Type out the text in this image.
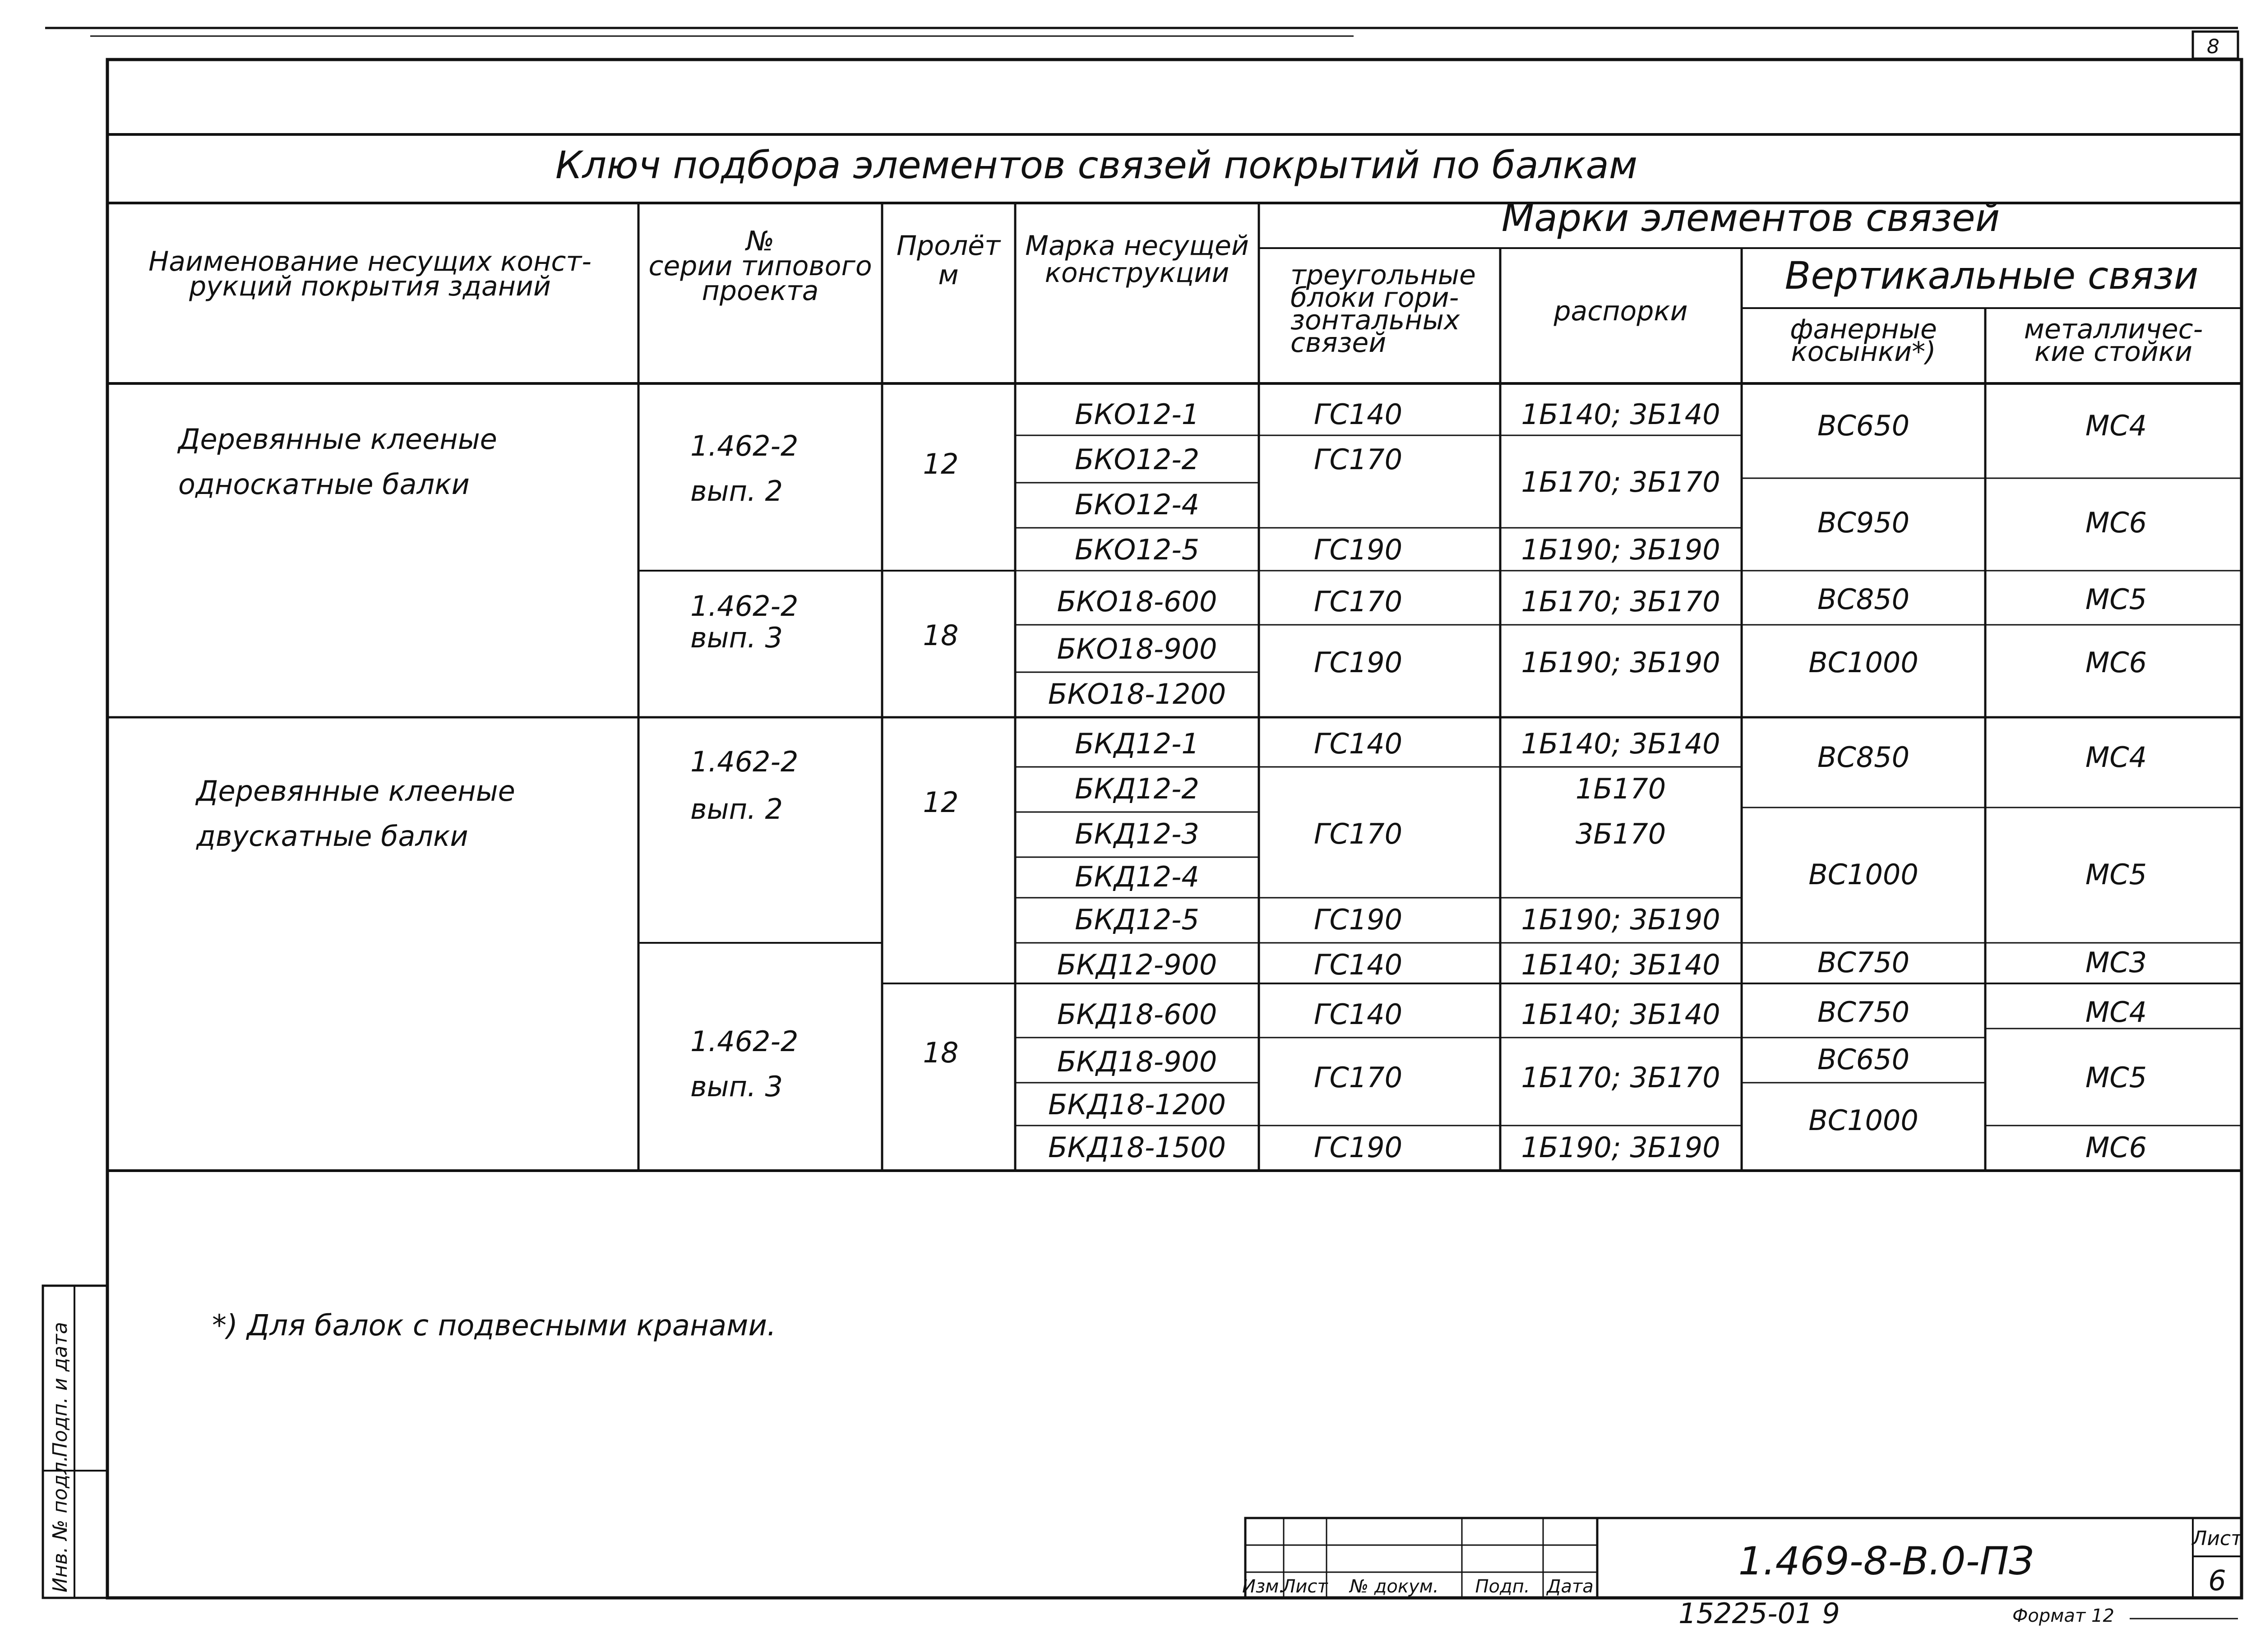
8
Ключ подбора элементов связей покрытий по балкам
Наименование несущих конст-
рукций покрытия зданий
№
серии типового
проекта
Пролёт
м
Марка несущей
конструкции
Марки элементов связей
треугольные
блоки гори-
зонтальных
связей
распорки
Вертикальные связи
фанерные
косынки*)
металличес-
кие стойки
Деревянные клееные
односкатные балки
Деревянные клееные
двускатные балки
1.462-2
вып. 2
1.462-2
вып. 3
1.462-2
вып. 2
1.462-2
вып. 3
12
18
12
18
БКО12-1
БКО12-2
БКО12-4
БКО12-5
БКО18-600
БКО18-900
БКО18-1200
БКД12-1
БКД12-2
БКД12-3
БКД12-4
БКД12-5
БКД12-900
БКД18-600
БКД18-900
БКД18-1200
БКД18-1500
ГС140
ГС170
ГС190
ГС170
ГС190
ГС140
ГС170
ГС190
ГС140
ГС140
ГС170
ГС190
1Б140; 3Б140
1Б170; 3Б170
1Б190; 3Б190
1Б170; 3Б170
1Б190; 3Б190
1Б140; 3Б140
1Б170
3Б170
1Б190; 3Б190
1Б140; 3Б140
1Б140; 3Б140
1Б170; 3Б170
1Б190; 3Б190
ВС650
ВС950
ВС850
ВС1000
ВС850
ВС1000
ВС750
ВС750
ВС650
ВС1000
МС4
МС6
МС5
МС6
МС4
МС5
МС3
МС4
МС5
МС6
*) Для балок с подвесными кранами.
Подп. и дата
Инв. № подл.	Изм.
Лист № докум. Подп. Дата
1.469-8-В.0-ПЗ
Лист
6
15225-01 9	Формат 12
